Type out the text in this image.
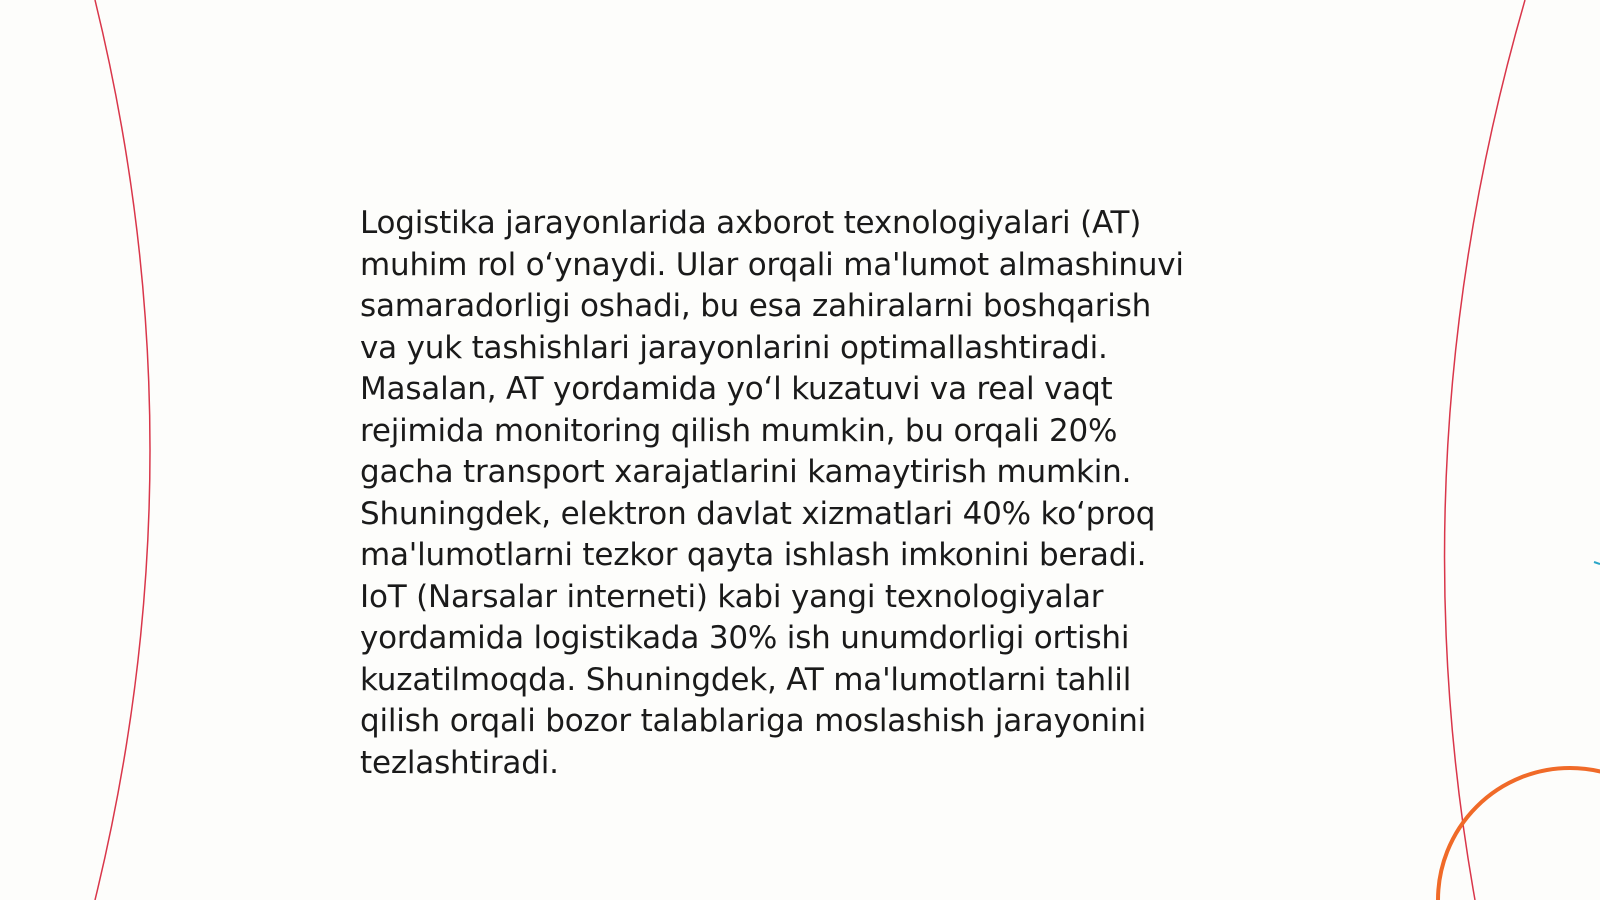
Logistika jarayonlarida axborot texnologiyalari (AT)
muhim rol o‘ynaydi. Ular orqali ma'lumot almashinuvi
samaradorligi oshadi, bu esa zahiralarni boshqarish
va yuk tashishlari jarayonlarini optimallashtiradi.
Masalan, AT yordamida yo‘l kuzatuvi va real vaqt
rejimida monitoring qilish mumkin, bu orqali 20%
gacha transport xarajatlarini kamaytirish mumkin.
Shuningdek, elektron davlat xizmatlari 40% ko‘proq
ma'lumotlarni tezkor qayta ishlash imkonini beradi.
IoT (Narsalar interneti) kabi yangi texnologiyalar
yordamida logistikada 30% ish unumdorligi ortishi
kuzatilmoqda. Shuningdek, AT ma'lumotlarni tahlil
qilish orqali bozor talablariga moslashish jarayonini
tezlashtiradi.
